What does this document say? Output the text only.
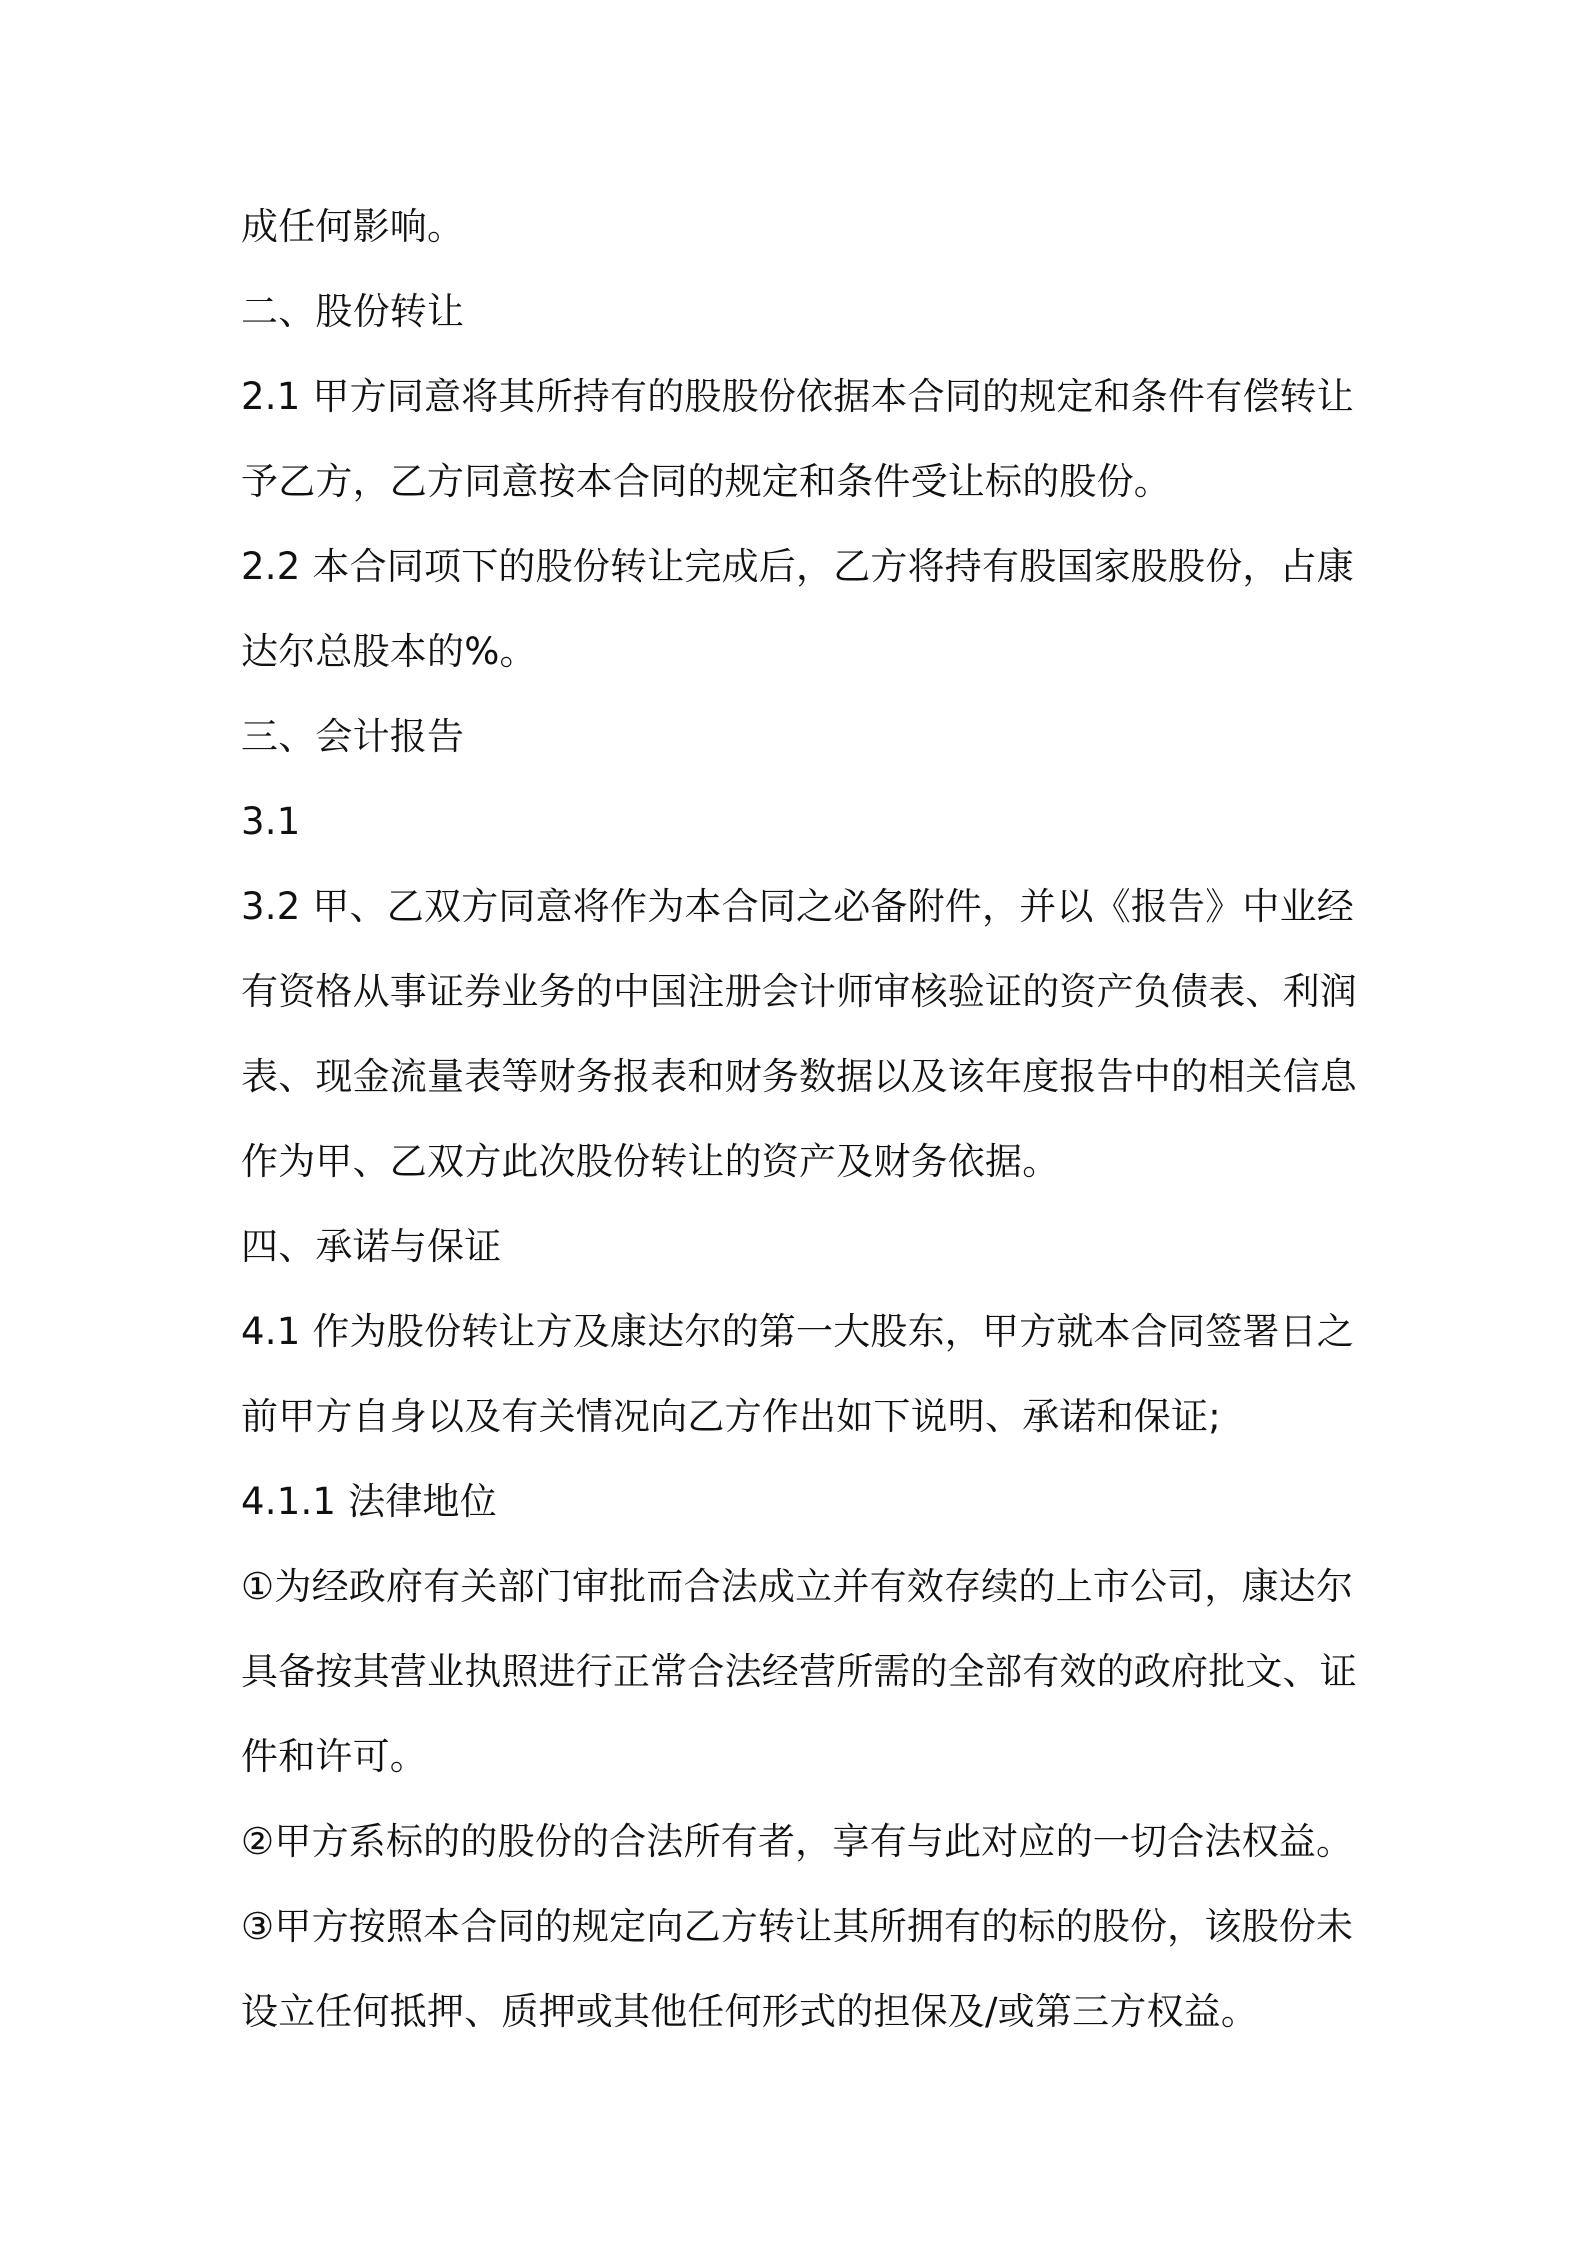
成任何影响。
二、股份转让
2.1 甲方同意将其所持有的股股份依据本合同的规定和条件有偿转让
予乙方，乙方同意按本合同的规定和条件受让标的股份。
2.2 本合同项下的股份转让完成后，乙方将持有股国家股股份，占康
达尔总股本的%。
三、会计报告
3.1
3.2 甲、乙双方同意将作为本合同之必备附件，并以《报告》中业经
有资格从事证券业务的中国注册会计师审核验证的资产负债表、利润
表、现金流量表等财务报表和财务数据以及该年度报告中的相关信息
作为甲、乙双方此次股份转让的资产及财务依据。
四、承诺与保证
4.1 作为股份转让方及康达尔的第一大股东，甲方就本合同签署日之
前甲方自身以及有关情况向乙方作出如下说明、承诺和保证;
4.1.1 法律地位
①为经政府有关部门审批而合法成立并有效存续的上市公司，康达尔
具备按其营业执照进行正常合法经营所需的全部有效的政府批文、证
件和许可。
②甲方系标的的股份的合法所有者，享有与此对应的一切合法权益。
③甲方按照本合同的规定向乙方转让其所拥有的标的股份，该股份未
设立任何抵押、质押或其他任何形式的担保及/或第三方权益。
